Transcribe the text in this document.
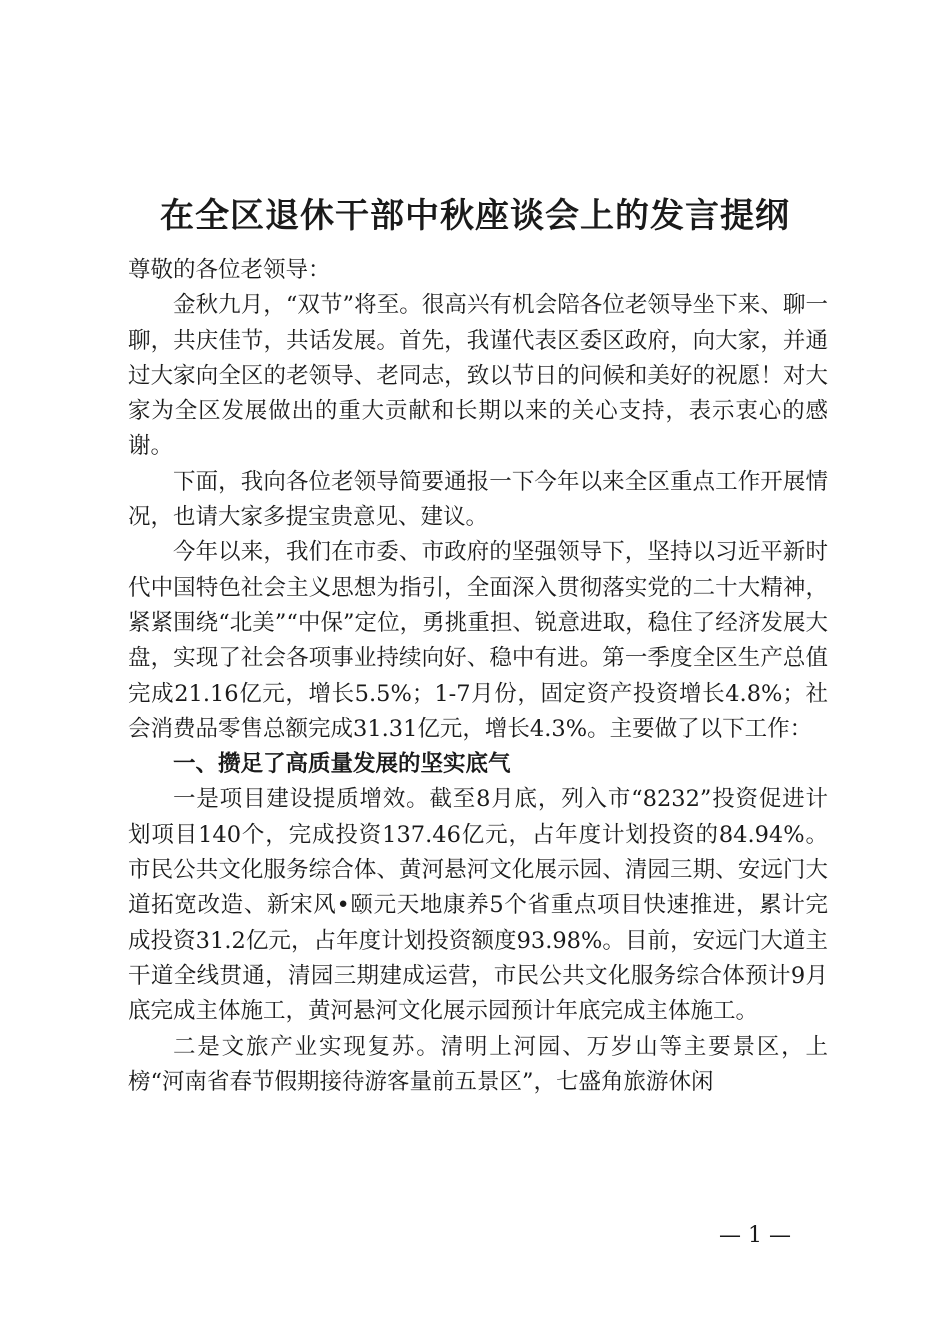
在全区退休干部中秋座谈会上的发言提纲

尊敬的各位老领导：

金秋九月，“双节”将至。很高兴有机会陪各位老领导坐下来、聊一聊，共庆佳节，共话发展。首先，我谨代表区委区政府，向大家，并通过大家向全区的老领导、老同志，致以节日的问候和美好的祝愿！对大家为全区发展做出的重大贡献和长期以来的关心支持，表示衷心的感谢。

下面，我向各位老领导简要通报一下今年以来全区重点工作开展情况，也请大家多提宝贵意见、建议。

今年以来，我们在市委、市政府的坚强领导下，坚持以习近平新时代中国特色社会主义思想为指引，全面深入贯彻落实党的二十大精神，紧紧围绕“北美”“中保”定位，勇挑重担、锐意进取，稳住了经济发展大盘，实现了社会各项事业持续向好、稳中有进。第一季度全区生产总值完成21.16亿元，增长5.5%；1-7月份，固定资产投资增长4.8%；社会消费品零售总额完成31.31亿元，增长4.3%。主要做了以下工作：

一、攒足了高质量发展的坚实底气

一是项目建设提质增效。截至8月底，列入市“8232”投资促进计划项目140个，完成投资137.46亿元，占年度计划投资的84.94%。市民公共文化服务综合体、黄河悬河文化展示园、清园三期、安远门大道拓宽改造、新宋风•颐元天地康养5个省重点项目快速推进，累计完成投资31.2亿元，占年度计划投资额度93.98%。目前，安远门大道主干道全线贯通，清园三期建成运营，市民公共文化服务综合体预计9月底完成主体施工，黄河悬河文化展示园预计年底完成主体施工。

二是文旅产业实现复苏。清明上河园、万岁山等主要景区，上榜“河南省春节假期接待游客量前五景区”，七盛角旅游休闲

— 1 —
